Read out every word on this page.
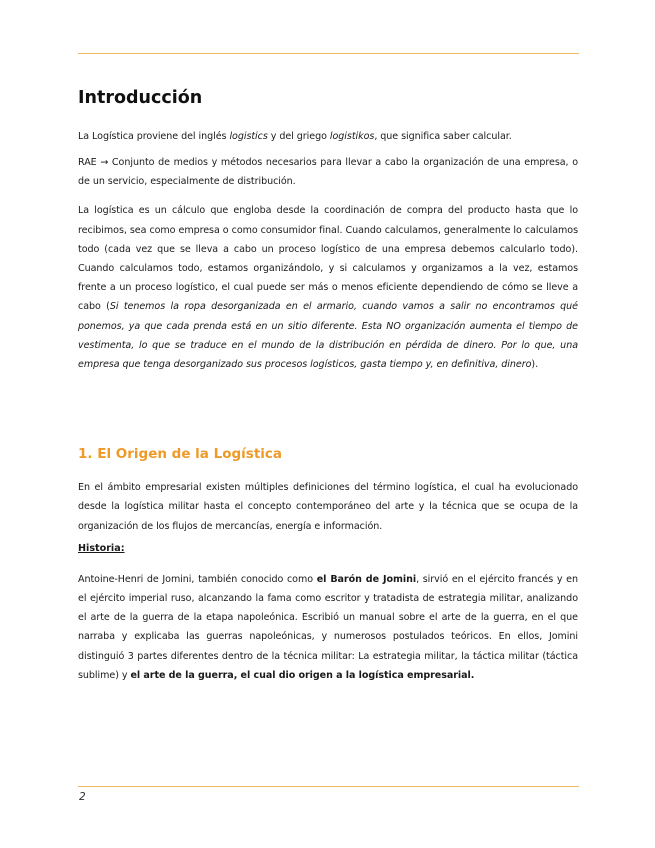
Introducción

La Logística proviene del inglés logistics y del griego logistikos, que significa saber calcular.

RAE → Conjunto de medios y métodos necesarios para llevar a cabo la organización de una empresa, o de un servicio, especialmente de distribución.

La logística es un cálculo que engloba desde la coordinación de compra del producto hasta que lo recibimos, sea como empresa o como consumidor final. Cuando calculamos, generalmente lo calculamos todo (cada vez que se lleva a cabo un proceso logístico de una empresa debemos calcularlo todo). Cuando calculamos todo, estamos organizándolo, y si calculamos y organizamos a la vez, estamos frente a un proceso logístico, el cual puede ser más o menos eficiente dependiendo de cómo se lleve a cabo (Si tenemos la ropa desorganizada en el armario, cuando vamos a salir no encontramos qué ponemos, ya que cada prenda está en un sitio diferente. Esta NO organización aumenta el tiempo de vestimenta, lo que se traduce en el mundo de la distribución en pérdida de dinero. Por lo que, una empresa que tenga desorganizado sus procesos logísticos, gasta tiempo y, en definitiva, dinero).

1. El Origen de la Logística

En el ámbito empresarial existen múltiples definiciones del término logística, el cual ha evolucionado desde la logística militar hasta el concepto contemporáneo del arte y la técnica que se ocupa de la organización de los flujos de mercancías, energía e información.

Historia:

Antoine-Henri de Jomini, también conocido como el Barón de Jomini, sirvió en el ejército francés y en el ejército imperial ruso, alcanzando la fama como escritor y tratadista de estrategia militar, analizando el arte de la guerra de la etapa napoleónica. Escribió un manual sobre el arte de la guerra, en el que narraba y explicaba las guerras napoleónicas, y numerosos postulados teóricos. En ellos, Jomini distinguió 3 partes diferentes dentro de la técnica militar: La estrategia militar, la táctica militar (táctica sublime) y el arte de la guerra, el cual dio origen a la logística empresarial.

2
